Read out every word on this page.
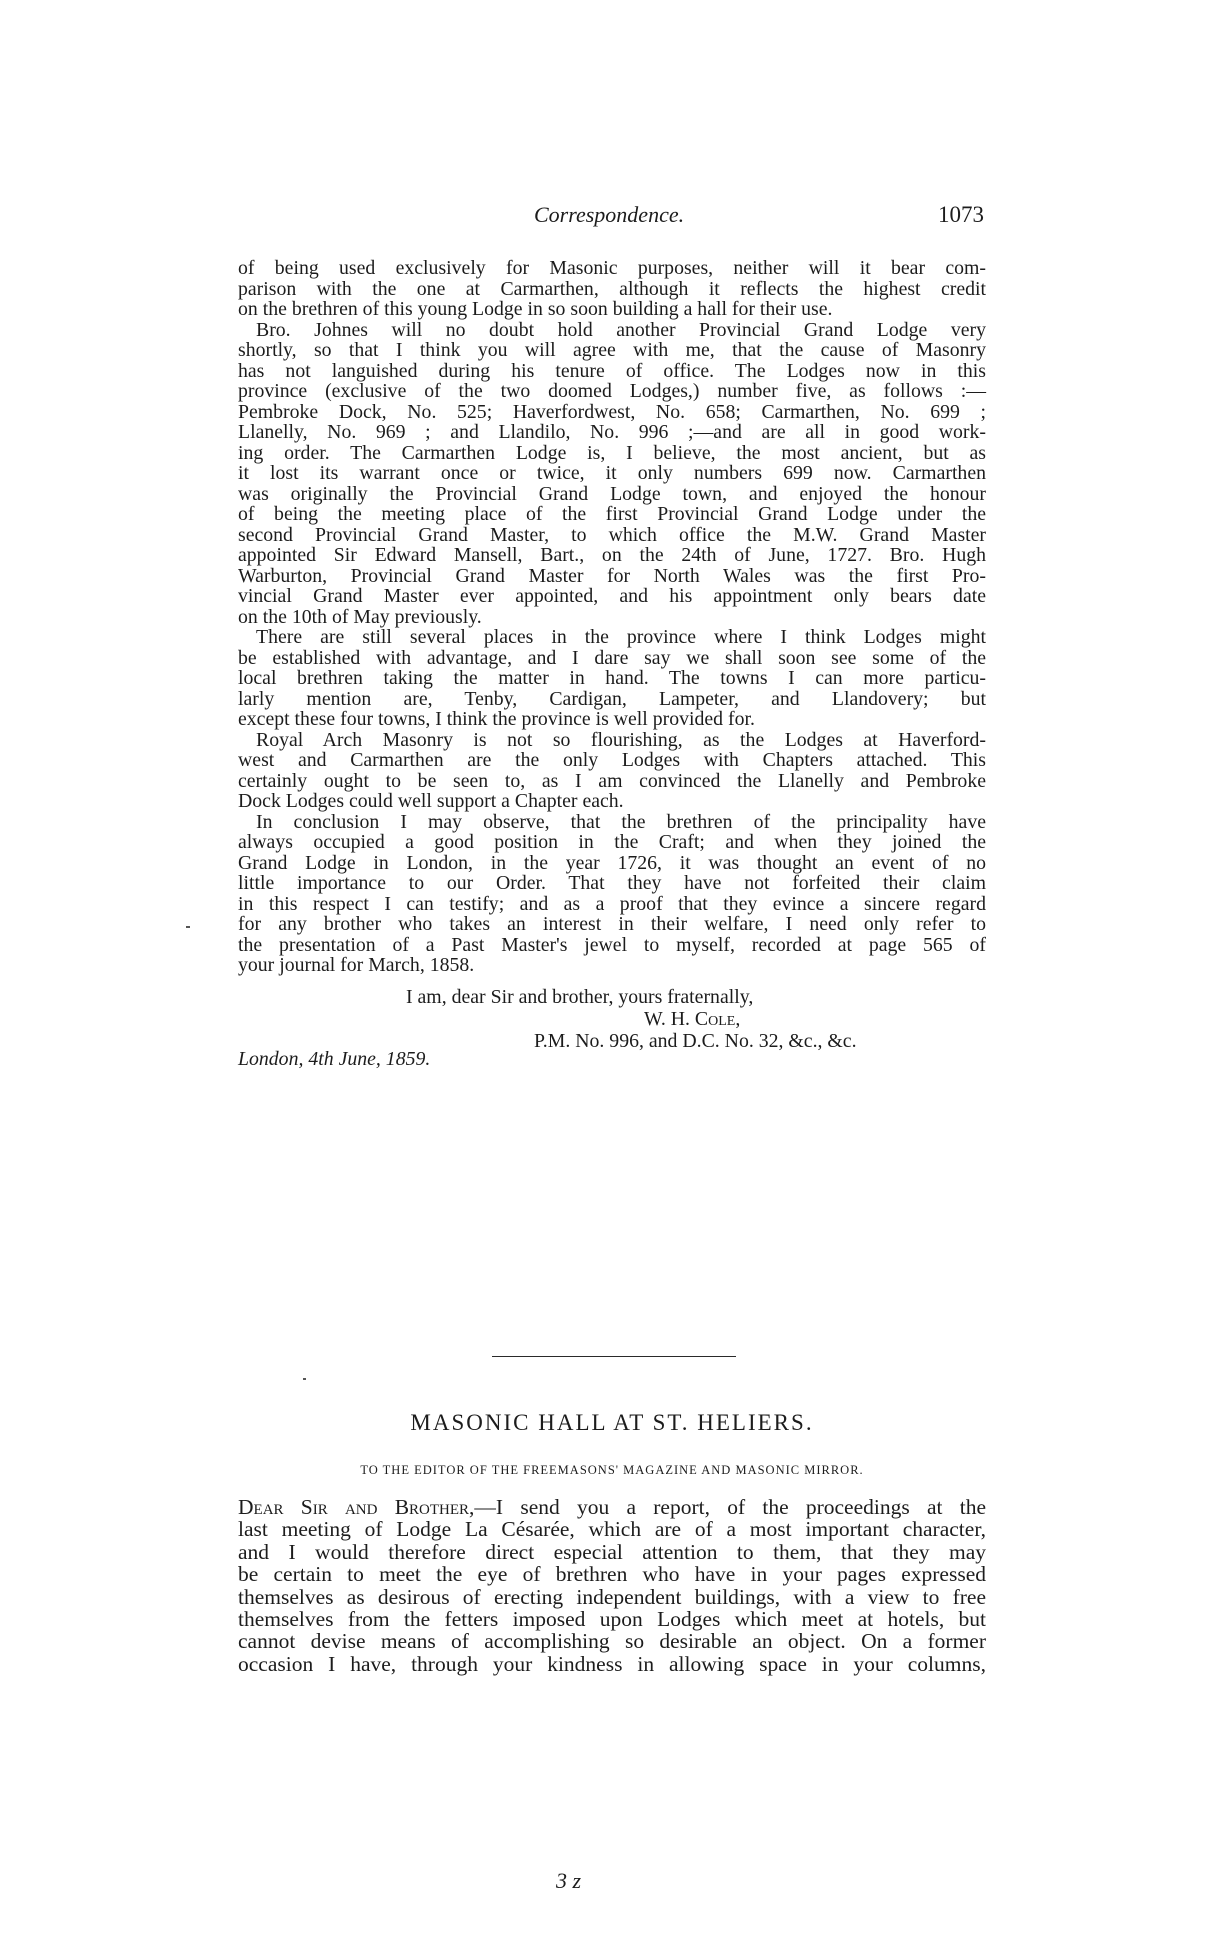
Correspondence.	1073
of being used exclusively for Masonic purposes, neither will it bear com-
parison with the one at Carmarthen, although it reflects the highest credit
on the brethren of this young Lodge in so soon building a hall for their use.
Bro. Johnes will no doubt hold another Provincial Grand Lodge very
shortly, so that I think you will agree with me, that the cause of Masonry
has not languished during his tenure of office. The Lodges now in this
province (exclusive of the two doomed Lodges,) number five, as follows :—
Pembroke Dock, No. 525; Haverfordwest, No. 658; Carmarthen, No. 699 ;
Llanelly, No. 969 ; and Llandilo, No. 996 ;—and are all in good work-
ing order. The Carmarthen Lodge is, I believe, the most ancient, but as
it lost its warrant once or twice, it only numbers 699 now. Carmarthen
was originally the Provincial Grand Lodge town, and enjoyed the honour
of being the meeting place of the first Provincial Grand Lodge under the
second Provincial Grand Master, to which office the M.W. Grand Master
appointed Sir Edward Mansell, Bart., on the 24th of June, 1727. Bro. Hugh
Warburton, Provincial Grand Master for North Wales was the first Pro-
vincial Grand Master ever appointed, and his appointment only bears date
on the 10th of May previously.
There are still several places in the province where I think Lodges might
be established with advantage, and I dare say we shall soon see some of the
local brethren taking the matter in hand. The towns I can more particu-
larly mention are, Tenby, Cardigan, Lampeter, and Llandovery; but
except these four towns, I think the province is well provided for.
Royal Arch Masonry is not so flourishing, as the Lodges at Haverford-
west and Carmarthen are the only Lodges with Chapters attached. This
certainly ought to be seen to, as I am convinced the Llanelly and Pembroke
Dock Lodges could well support a Chapter each.
In conclusion I may observe, that the brethren of the principality have
always occupied a good position in the Craft; and when they joined the
Grand Lodge in London, in the year 1726, it was thought an event of no
little importance to our Order. That they have not forfeited their claim
in this respect I can testify; and as a proof that they evince a sincere regard
for any brother who takes an interest in their welfare, I need only refer to
the presentation of a Past Master's jewel to myself, recorded at page 565 of
your journal for March, 1858.
I am, dear Sir and brother, yours fraternally,
W. H. Cole,
P.M. No. 996, and D.C. No. 32, &c., &c.
London, 4th June, 1859.
MASONIC HALL AT ST. HELIERS.
TO THE EDITOR OF THE FREEMASONS' MAGAZINE AND MASONIC MIRROR.
Dear Sir and Brother,—I send you a report, of the proceedings at the
last meeting of Lodge La Césarée, which are of a most important character,
and I would therefore direct especial attention to them, that they may
be certain to meet the eye of brethren who have in your pages expressed
themselves as desirous of erecting independent buildings, with a view to free
themselves from the fetters imposed upon Lodges which meet at hotels, but
cannot devise means of accomplishing so desirable an object. On a former
occasion I have, through your kindness in allowing space in your columns,
3 z
